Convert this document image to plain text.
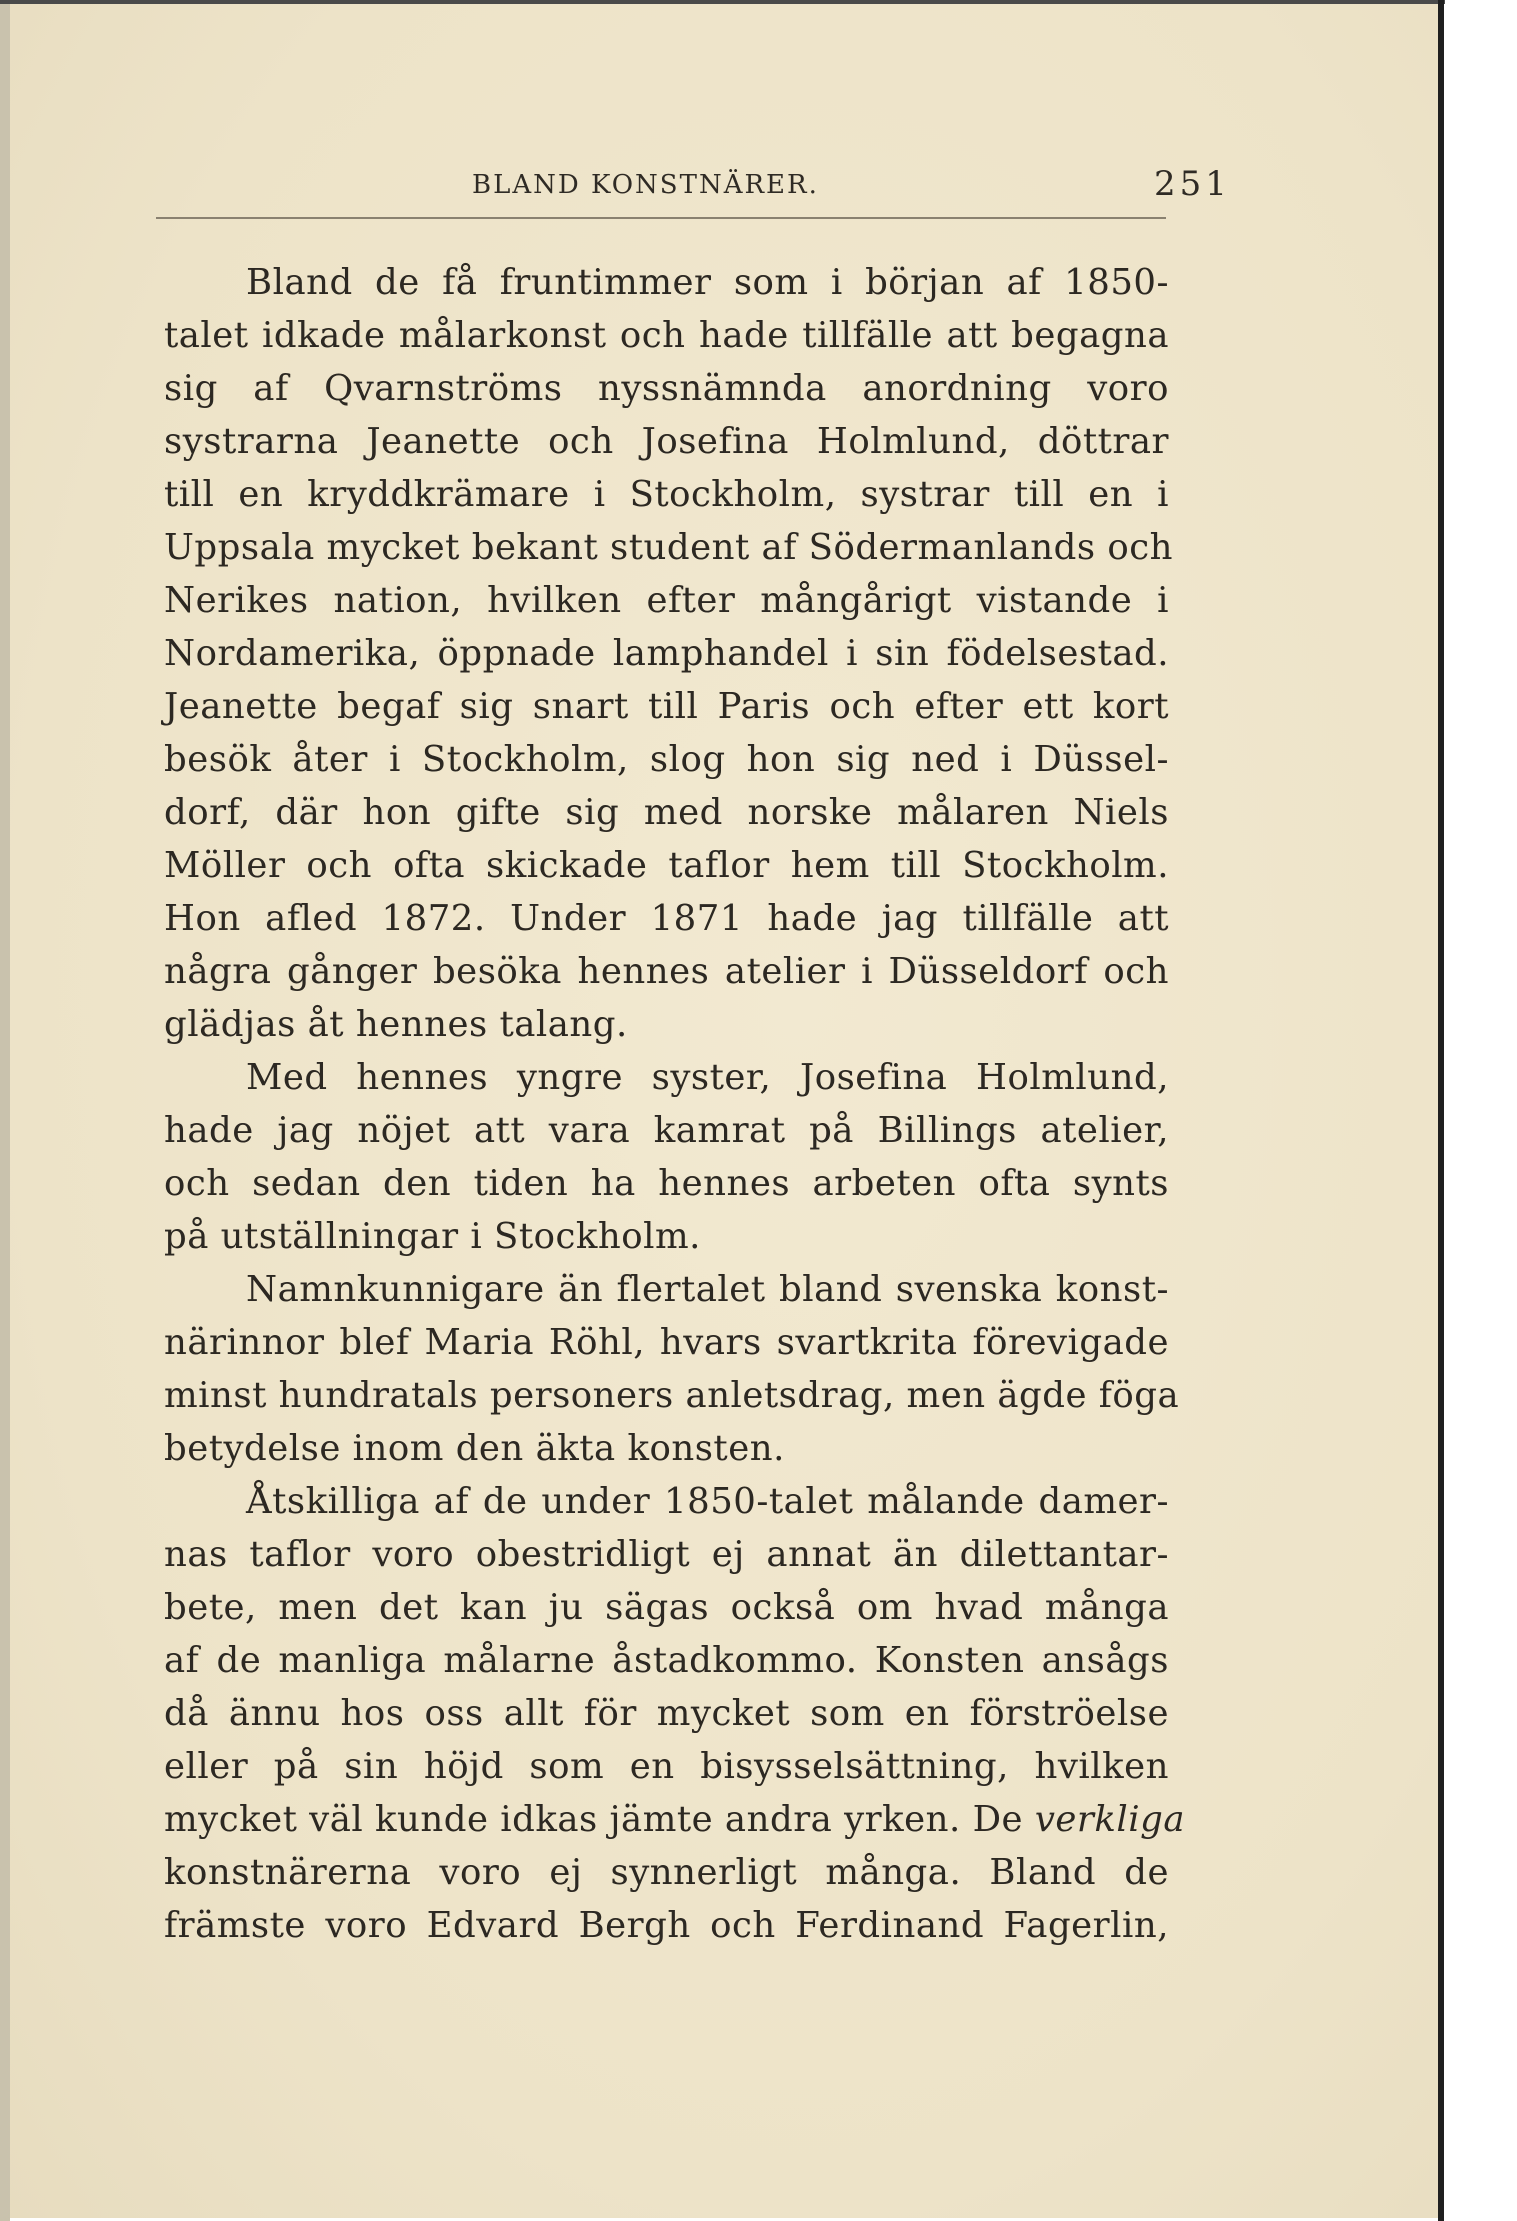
BLAND KONSTNÄRER.	251
Bland de få fruntimmer som i början af 1850-
talet idkade målarkonst och hade tillfälle att begagna
sig af Qvarnströms nyssnämnda anordning voro
systrarna Jeanette och Josefina Holmlund, döttrar
till en kryddkrämare i Stockholm, systrar till en i
Uppsala mycket bekant student af Södermanlands och
Nerikes nation, hvilken efter mångårigt vistande i
Nordamerika, öppnade lamphandel i sin födelsestad.
Jeanette begaf sig snart till Paris och efter ett kort
besök åter i Stockholm, slog hon sig ned i Düssel-
dorf, där hon gifte sig med norske målaren Niels
Möller och ofta skickade taflor hem till Stockholm.
Hon afled 1872. Under 1871 hade jag tillfälle att
några gånger besöka hennes atelier i Düsseldorf och
glädjas åt hennes talang.
Med hennes yngre syster, Josefina Holmlund,
hade jag nöjet att vara kamrat på Billings atelier,
och sedan den tiden ha hennes arbeten ofta synts
på utställningar i Stockholm.
Namnkunnigare än flertalet bland svenska konst-
närinnor blef Maria Röhl, hvars svartkrita förevigade
minst hundratals personers anletsdrag, men ägde föga
betydelse inom den äkta konsten.
Åtskilliga af de under 1850-talet målande damer-
nas taflor voro obestridligt ej annat än dilettantar-
bete, men det kan ju sägas också om hvad många
af de manliga målarne åstadkommo. Konsten ansågs
då ännu hos oss allt för mycket som en förströelse
eller på sin höjd som en bisysselsättning, hvilken
mycket väl kunde idkas jämte andra yrken. De verkliga
konstnärerna voro ej synnerligt många. Bland de
främste voro Edvard Bergh och Ferdinand Fagerlin,
